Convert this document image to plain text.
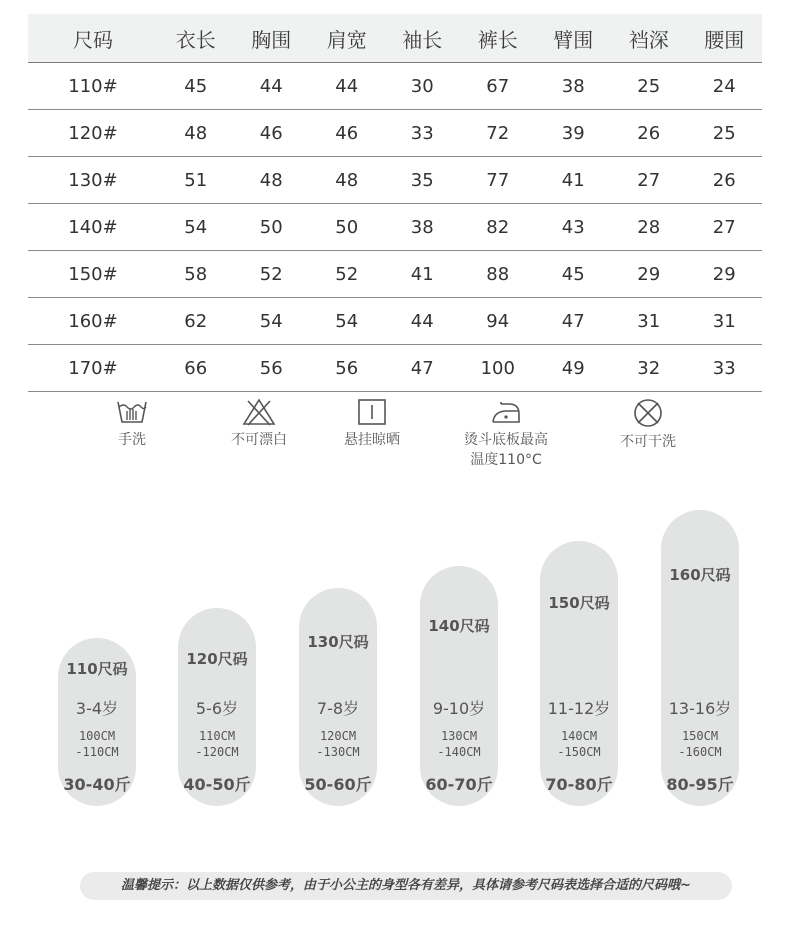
尺码	衣长	胸围	肩宽	袖长	裤长	臂围	裆深	腰围
110#	45	44	44	30	67	38	25	24
120#	48	46	46	33	72	39	26	25
130#	51	48	48	35	77	41	27	26
140#	54	50	50	38	82	43	28	27
150#	58	52	52	41	88	45	29	29
160#	62	54	54	44	94	47	31	31
170#	66	56	56	47	100	49	32	33
手洗	不可漂白	悬挂晾晒	烫斗底板最高
温度110°C
不可干洗
110尺码
3-4岁
100CM
-110CM
30-40斤
120尺码
5-6岁
110CM
-120CM
40-50斤
130尺码
7-8岁
120CM
-130CM
50-60斤
140尺码
9-10岁
130CM
-140CM
60-70斤
150尺码
11-12岁
140CM
-150CM
70-80斤
160尺码
13-16岁
150CM
-160CM
80-95斤
温馨提示：以上数据仅供参考，由于小公主的身型各有差异，具体请参考尺码表选择合适的尺码哦~
